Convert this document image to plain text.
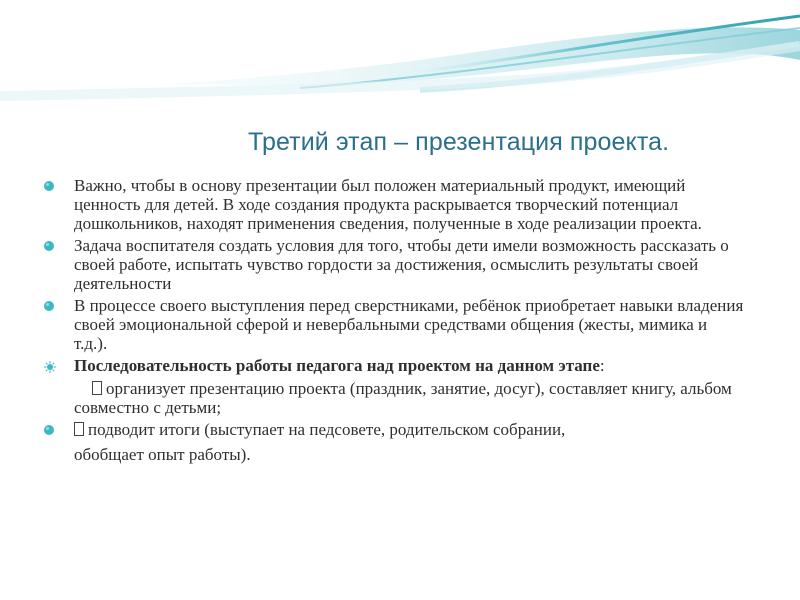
Третий этап – презентация проекта.
Важно, чтобы в основу презентации был положен материальный продукт, имеющий ценность для детей. В ходе создания продукта раскрывается творческий потенциал дошкольников, находят применения сведения, полученные в ходе реализации проекта.
Задача воспитателя создать условия для того, чтобы дети имели возможность рассказать о своей работе, испытать чувство гордости за достижения, осмыслить результаты своей деятельности
В процессе своего выступления перед сверстниками, ребёнок приобретает навыки владения своей эмоциональной сферой и невербальными средствами общения (жесты, мимика и т.д.).
Последовательность работы педагога над проектом на данном этапе:
организует презентацию проекта (праздник, занятие, досуг), составляет книгу, альбом совместно с детьми;
подводит итоги (выступает на педсовете, родительском собрании,
обобщает опыт работы).
